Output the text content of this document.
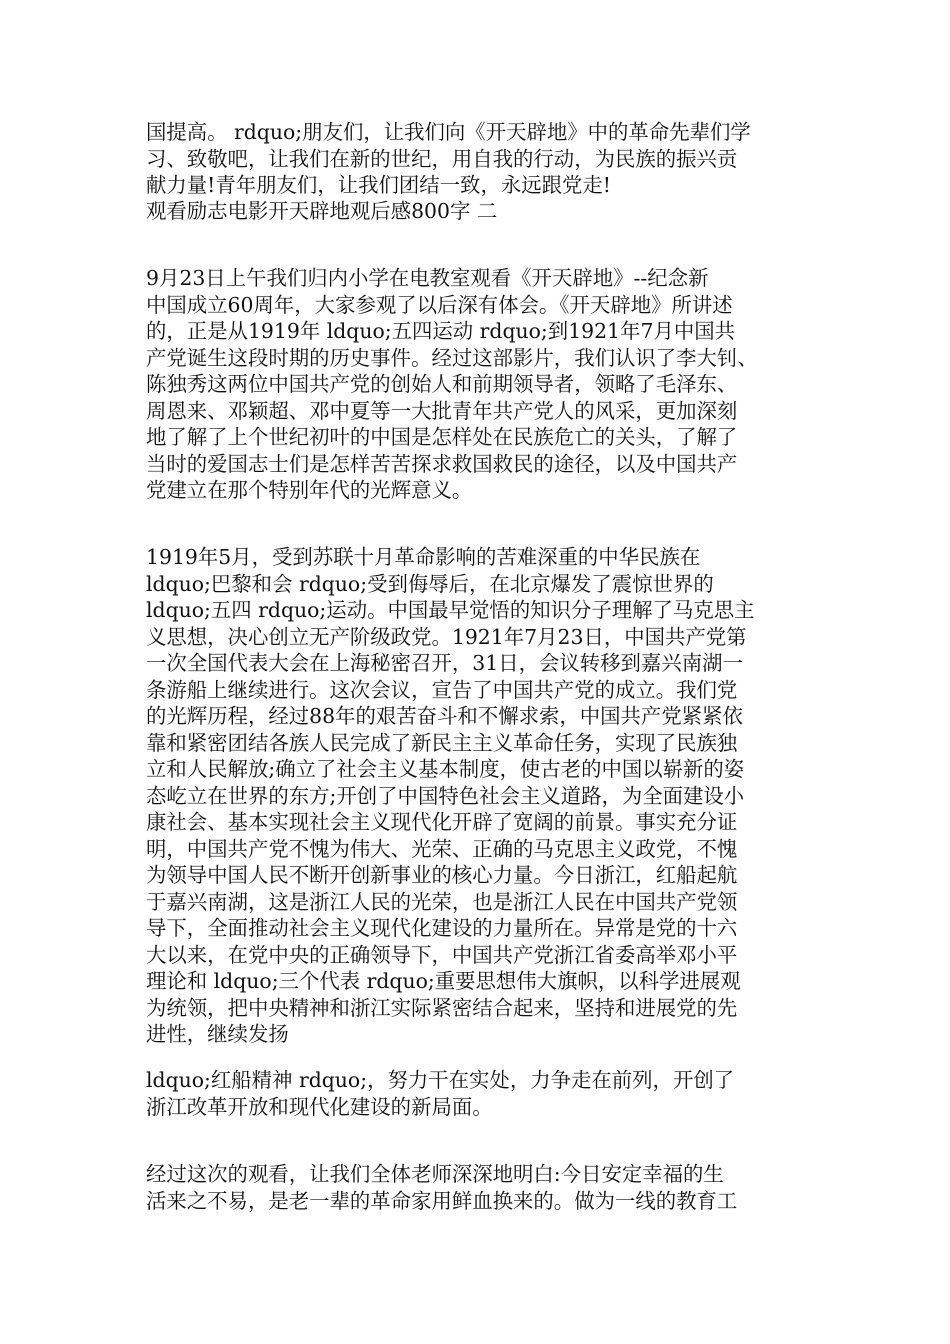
国提高。 rdquo;朋友们，让我们向《开天辟地》中的革命先辈们学
习、致敬吧，让我们在新的世纪，用自我的行动，为民族的振兴贡
献力量!青年朋友们，让我们团结一致，永远跟党走!

观看励志电影开天辟地观后感800字 二

9月23日上午我们归内小学在电教室观看《开天辟地》--纪念新
中国成立60周年，大家参观了以后深有体会。《开天辟地》所讲述
的，正是从1919年 ldquo;五四运动 rdquo;到1921年7月中国共
产党诞生这段时期的历史事件。经过这部影片，我们认识了李大钊、
陈独秀这两位中国共产党的创始人和前期领导者，领略了毛泽东、
周恩来、邓颖超、邓中夏等一大批青年共产党人的风采，更加深刻
地了解了上个世纪初叶的中国是怎样处在民族危亡的关头，了解了
当时的爱国志士们是怎样苦苦探求救国救民的途径，以及中国共产
党建立在那个特别年代的光辉意义。

1919年5月，受到苏联十月革命影响的苦难深重的中华民族在
ldquo;巴黎和会 rdquo;受到侮辱后，在北京爆发了震惊世界的
ldquo;五四 rdquo;运动。中国最早觉悟的知识分子理解了马克思主
义思想，决心创立无产阶级政党。1921年7月23日，中国共产党第
一次全国代表大会在上海秘密召开，31日，会议转移到嘉兴南湖一
条游船上继续进行。这次会议，宣告了中国共产党的成立。我们党
的光辉历程，经过88年的艰苦奋斗和不懈求索，中国共产党紧紧依
靠和紧密团结各族人民完成了新民主主义革命任务，实现了民族独
立和人民解放;确立了社会主义基本制度，使古老的中国以崭新的姿
态屹立在世界的东方;开创了中国特色社会主义道路，为全面建设小
康社会、基本实现社会主义现代化开辟了宽阔的前景。事实充分证
明，中国共产党不愧为伟大、光荣、正确的马克思主义政党，不愧
为领导中国人民不断开创新事业的核心力量。今日浙江，红船起航
于嘉兴南湖，这是浙江人民的光荣，也是浙江人民在中国共产党领
导下，全面推动社会主义现代化建设的力量所在。异常是党的十六
大以来，在党中央的正确领导下，中国共产党浙江省委高举邓小平
理论和 ldquo;三个代表 rdquo;重要思想伟大旗帜，以科学进展观
为统领，把中央精神和浙江实际紧密结合起来，坚持和进展党的先
进性，继续发扬

ldquo;红船精神 rdquo;，努力干在实处，力争走在前列，开创了
浙江改革开放和现代化建设的新局面。

经过这次的观看，让我们全体老师深深地明白:今日安定幸福的生
活来之不易，是老一辈的革命家用鲜血换来的。做为一线的教育工
